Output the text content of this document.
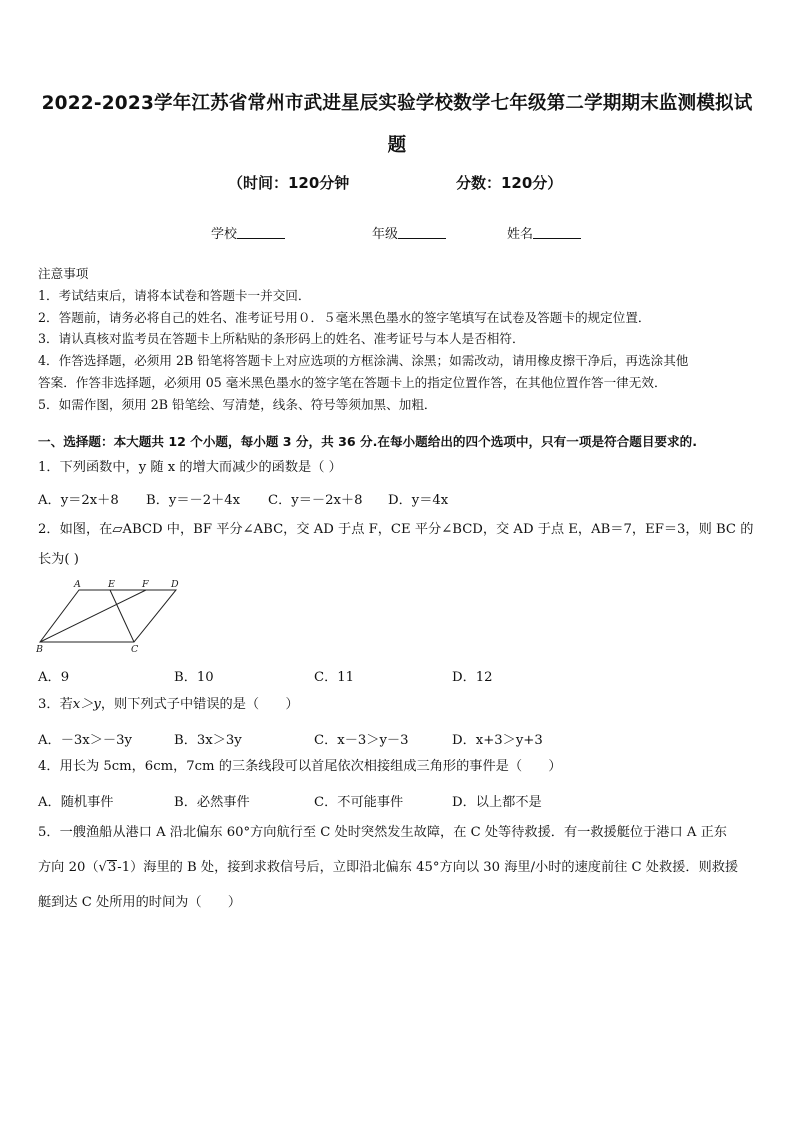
2022-2023学年江苏省常州市武进星辰实验学校数学七年级第二学期期末监测模拟试
题
（时间：120分钟	分数：120分）
学校	年级	姓名

注意事项

1．考试结束后，请将本试卷和答题卡一并交回．

2．答题前，请务必将自己的姓名、准考证号用０．５毫米黑色墨水的签字笔填写在试卷及答题卡的规定位置．

3．请认真核对监考员在答题卡上所粘贴的条形码上的姓名、准考证号与本人是否相符．

4．作答选择题，必须用 2B 铅笔将答题卡上对应选项的方框涂满、涂黑；如需改动，请用橡皮擦干净后，再选涂其他

答案．作答非选择题，必须用 05 毫米黑色墨水的签字笔在答题卡上的指定位置作答，在其他位置作答一律无效．

5．如需作图，须用 2B 铅笔绘、写清楚，线条、符号等须加黑、加粗．

一、选择题：本大题共 12 个小题，每小题 3 分，共 36 分.在每小题给出的四个选项中，只有一项是符合题目要求的.
1．下列函数中，y 随 x 的增大而减少的函数是（ ）
A．y＝2x＋8 B．y＝－2＋4x C．y＝－2x＋8 D．y＝4x

2．如图，在▱ABCD 中，BF 平分∠ABC，交 AD 于点 F，CE 平分∠BCD，交 AD 于点 E，AB＝7，EF＝3，则 BC 的

长为( )

A	E	F D
B	C
A．9	B．10	C．11	D．12
3．若x＞y，则下列式子中错误的是（　　）
A．－3x＞－3y	B．3x＞3y	C．x－3＞y－3	D．x+3＞y+3
4．用长为 5cm，6cm，7cm 的三条线段可以首尾依次相接组成三角形的事件是（　　）
A．随机事件	B．必然事件	C．不可能事件	D．以上都不是

5．一艘渔船从港口 A 沿北偏东 60°方向航行至 C 处时突然发生故障，在 C 处等待救援．有一救援艇位于港口 A 正东

方向 20（√3-1）海里的 B 处，接到求救信号后，立即沿北偏东 45°方向以 30 海里/小时的速度前往 C 处救援．则救援

艇到达 C 处所用的时间为（　　）
